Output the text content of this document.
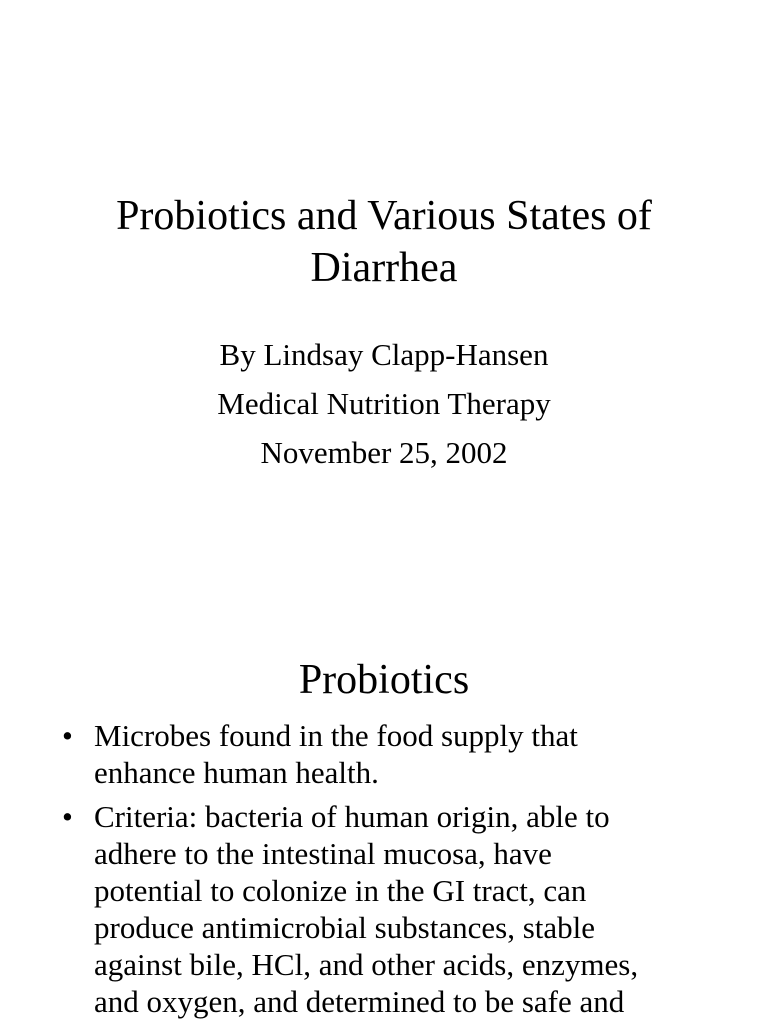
Probiotics and Various States of
Diarrhea
By Lindsay Clapp-Hansen
Medical Nutrition Therapy
November 25, 2002
Probiotics
• Microbes found in the food supply that
enhance human health.
• Criteria: bacteria of human origin, able to
adhere to the intestinal mucosa, have
potential to colonize in the GI tract, can
produce antimicrobial substances, stable
against bile, HCl, and other acids, enzymes,
and oxygen, and determined to be safe and
